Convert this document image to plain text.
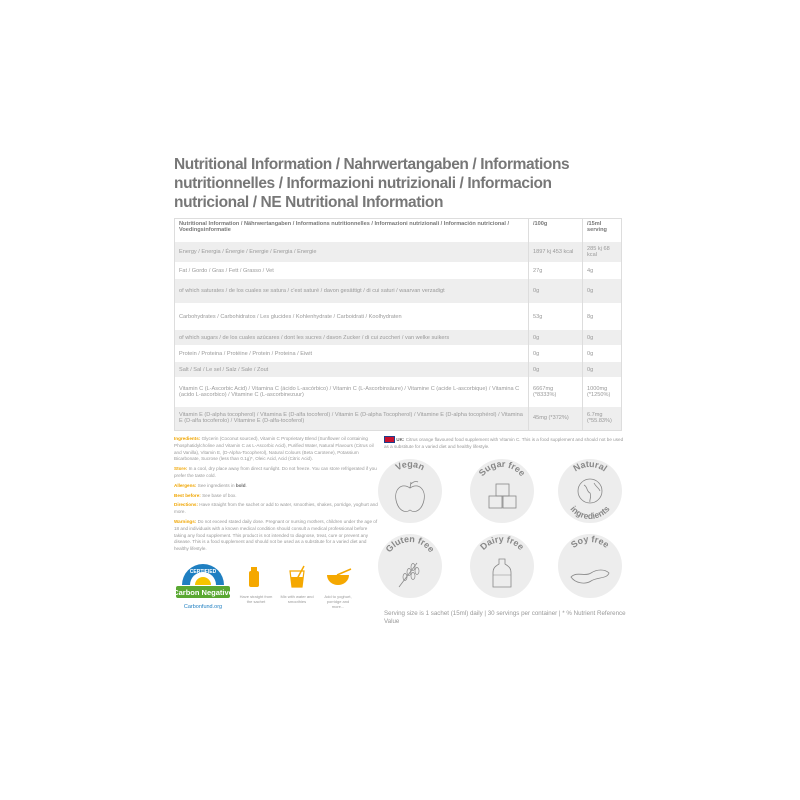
Nutritional Information / Nahrwertangaben / Informations nutritionnelles / Informazioni nutrizionali / Informacion nutricional / NE Nutritional Information
Nutritional Information / Nährwertangaben / Informations nutritionnelles / Informazioni nutrizionali / Información nutricional / Voedingsinformatie	/100g	/15ml serving
Energy / Energia / Énergie / Energie / Energia / Energie	1897 kj 453 kcal	285 kj 68 kcal
Fat / Gordo / Gras / Fett / Grasso / Vet	27g	4g
of which saturates / de los cuales se satura / c'est saturé / davon gesättigt / di cui saturi / waarvan verzadigt	0g	0g
Carbohydrates / Carbohidratos / Les glucides / Kohlenhydrate / Carboidrati / Koolhydraten	53g	8g
of which sugars / de los cuales azúcares / dont les sucres / davon Zucker / di cui zuccheri / van welke suikers	0g	0g
Protein / Proteina / Protéine / Protein / Proteina / Eiwit	0g	0g
Salt / Sal / Le sel / Salz / Sale / Zout	0g	0g
Vitamin C (L-Ascorbic Acid) / Vitamina C (ácido L-ascórbico) / Vitamin C (L-Ascorbinsäure) / Vitamine C (acide L-ascorbique) / Vitamina C (acido L-ascorbico) / Vitamine C (L-ascorbinezuur)	6667mg (*8333%)	1000mg (*1250%)
Vitamin E (D-alpha tocopherol) / Vitamina E (D-alfa tocoferol) / Vitamin E (D-alpha Tocopherol) / Vitamine E (D-alpha tocophérol) / Vitamina E (D-alfa tocoferolo) / Vitamine E (D-alfa-tocoferol)	45mg (*372%)	6.7mg (*55.83%)

Ingredients: Glycerin (Coconut sourced), Vitamin C Proprietary Blend (Sunflower oil containing Phosphatidylcholine and Vitamin C as L-Ascorbic Acid), Purified Water, Natural Flavours (Citrus oil and Vanilla), Vitamin E, (D-Alpha-Tocopherol), Natural Colours (Beta Carotene), Potassium Bicarbonate, Sucrose (less than 0.1g)*, Oleic Acid, Acid (Citric Acid).

Store: In a cool, dry place away from direct sunlight. Do not freeze. You can store refrigerated if you prefer the taste cold.

Allergens: See ingredients in bold.

Best before: See base of box.

Directions: Have straight from the sachet or add to water, smoothies, shakes, porridge, yoghurt and more.

Warnings: Do not exceed stated daily dose. Pregnant or nursing mothers, children under the age of 18 and individuals with a known medical condition should consult a medical professional before taking any food supplement. This product is not intended to diagnose, treat, cure or prevent any disease. This is a food supplement and should not be used as a substitute for a varied diet and healthy lifestyle.

CERTIFIED
Carbon Negative
Carbonfund.org
Have straight from the sachet
Mix with water and smoothies
Add to yoghurt, porridge and more...
UK: Citrus orange flavoured food supplement with Vitamin C. This is a food supplement and should not be used as a substitute for a varied diet and healthy lifestyle.
Vegan
Sugar free	Natural
ingredients
Gluten free	Dairy free	Soy free
Serving size is 1 sachet (15ml) daily | 30 servings per container | * % Nutrient Reference Value
